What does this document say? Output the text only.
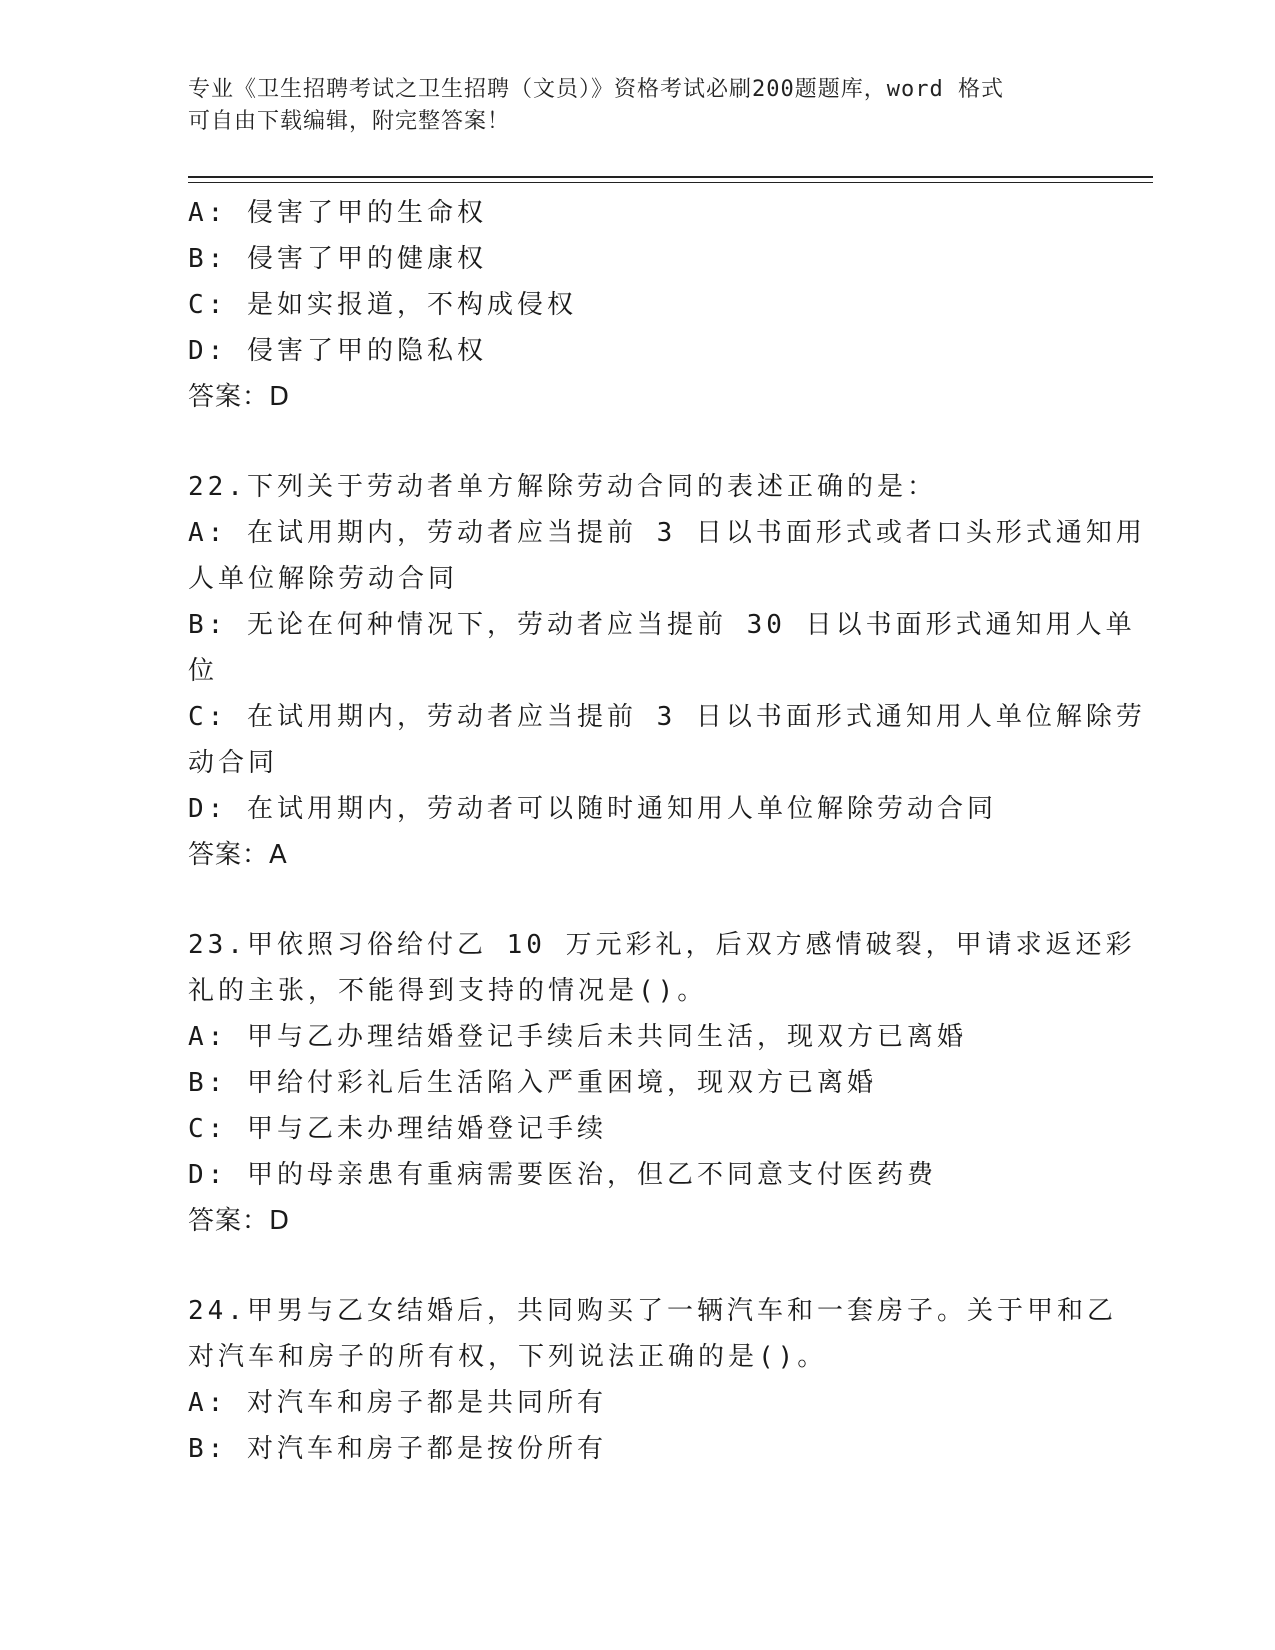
专业《卫生招聘考试之卫生招聘（文员）》资格考试必刷200题题库，word 格式
可自由下载编辑，附完整答案！
A: 侵害了甲的生命权
B: 侵害了甲的健康权
C: 是如实报道，不构成侵权
D: 侵害了甲的隐私权
答案：D
22.下列关于劳动者单方解除劳动合同的表述正确的是：
A: 在试用期内，劳动者应当提前 3 日以书面形式或者口头形式通知用
人单位解除劳动合同
B: 无论在何种情况下，劳动者应当提前 30 日以书面形式通知用人单
位
C: 在试用期内，劳动者应当提前 3 日以书面形式通知用人单位解除劳
动合同
D: 在试用期内，劳动者可以随时通知用人单位解除劳动合同
答案：A
23.甲依照习俗给付乙 10 万元彩礼，后双方感情破裂，甲请求返还彩
礼的主张，不能得到支持的情况是()。
A: 甲与乙办理结婚登记手续后未共同生活，现双方已离婚
B: 甲给付彩礼后生活陷入严重困境，现双方已离婚
C: 甲与乙未办理结婚登记手续
D: 甲的母亲患有重病需要医治，但乙不同意支付医药费
答案：D
24.甲男与乙女结婚后，共同购买了一辆汽车和一套房子。关于甲和乙
对汽车和房子的所有权，下列说法正确的是()。
A: 对汽车和房子都是共同所有
B: 对汽车和房子都是按份所有
